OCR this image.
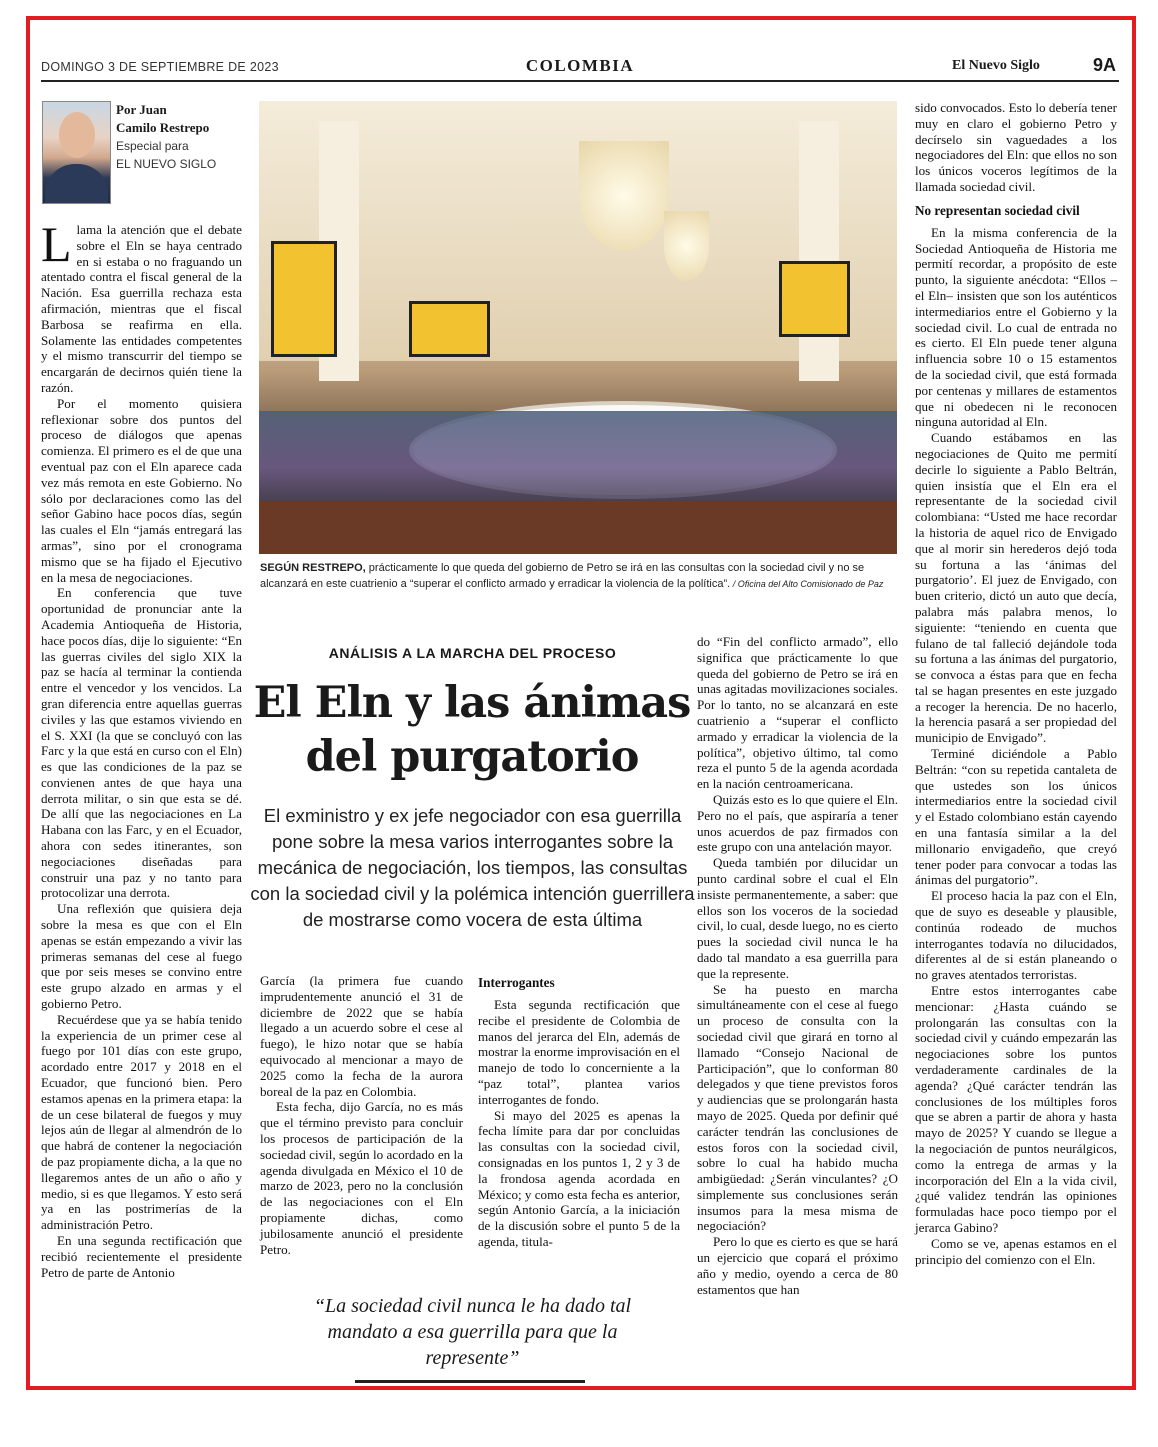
DOMINGO 3 DE SEPTIEMBRE DE 2023	COLOMBIA	El Nuevo Siglo	9A
Por Juan
Camilo Restrepo
Especial para
EL NUEVO SIGLO

Llama la atención que el debate sobre el Eln se haya centrado en si estaba o no fraguando un atentado contra el fiscal general de la Nación. Esa guerrilla rechaza esta afirmación, mientras que el fiscal Barbosa se reafirma en ella. Solamente las entidades competentes y el mismo transcurrir del tiempo se encargarán de decirnos quién tiene la razón.

Por el momento quisiera reflexionar sobre dos puntos del proceso de diálogos que apenas comienza. El primero es el de que una eventual paz con el Eln aparece cada vez más remota en este Gobierno. No sólo por declaraciones como las del señor Gabino hace pocos días, según las cuales el Eln “jamás entregará las armas”, sino por el cronograma mismo que se ha fijado el Ejecutivo en la mesa de negociaciones.

En conferencia que tuve oportunidad de pronunciar ante la Academia Antioqueña de Historia, hace pocos días, dije lo siguiente: “En las guerras civiles del siglo XIX la paz se hacía al terminar la contienda entre el vencedor y los vencidos. La gran diferencia entre aquellas guerras civiles y las que estamos viviendo en el S. XXI (la que se concluyó con las Farc y la que está en curso con el Eln) es que las condiciones de la paz se convienen antes de que haya una derrota militar, o sin que esta se dé. De allí que las negociaciones en La Habana con las Farc, y en el Ecuador, ahora con sedes itinerantes, son negociaciones diseñadas para construir una paz y no tanto para protocolizar una derrota.

Una reflexión que quisiera deja sobre la mesa es que con el Eln apenas se están empezando a vivir las primeras semanas del cese al fuego que por seis meses se convino entre este grupo alzado en armas y el gobierno Petro.

Recuérdese que ya se había tenido la experiencia de un primer cese al fuego por 101 días con este grupo, acordado entre 2017 y 2018 en el Ecuador, que funcionó bien. Pero estamos apenas en la primera etapa: la de un cese bilateral de fuegos y muy lejos aún de llegar al almendrón de lo que habrá de contener la negociación de paz propiamente dicha, a la que no llegaremos antes de un año o año y medio, si es que llegamos. Y esto será ya en las postrimerías de la administración Petro.

En una segunda rectificación que recibió recientemente el presidente Petro de parte de Antonio

SEGÚN RESTREPO, prácticamente lo que queda del gobierno de Petro se irá en las consultas con la sociedad civil y no se alcanzará en este cuatrienio a “superar el conflicto armado y erradicar la violencia de la política”. / Oficina del Alto Comisionado de Paz
ANÁLISIS A LA MARCHA DEL PROCESO
El Eln y las ánimas del purgatorio
El exministro y ex jefe negociador con esa guerrilla pone sobre la mesa varios interrogantes sobre la mecánica de negociación, los tiempos, las consultas con la sociedad civil y la polémica intención guerrillera de mostrarse como vocera de esta última

García (la primera fue cuando imprudentemente anunció el 31 de diciembre de 2022 que se había llegado a un acuerdo sobre el cese al fuego), le hizo notar que se había equivocado al mencionar a mayo de 2025 como la fecha de la aurora boreal de la paz en Colombia.

Esta fecha, dijo García, no es más que el término previsto para concluir los procesos de participación de la sociedad civil, según lo acordado en la agenda divulgada en México el 10 de marzo de 2023, pero no la conclusión de las negociaciones con el Eln propiamente dichas, como jubilosamente anunció el presidente Petro.

Interrogantes

Esta segunda rectificación que recibe el presidente de Colombia de manos del jerarca del Eln, además de mostrar la enorme improvisación en el manejo de todo lo concerniente a la “paz total”, plantea varios interrogantes de fondo.

Si mayo del 2025 es apenas la fecha límite para dar por concluidas las consultas con la sociedad civil, consignadas en los puntos 1, 2 y 3 de la frondosa agenda acordada en México; y como esta fecha es anterior, según Antonio García, a la iniciación de la discusión sobre el punto 5 de la agenda, titula-

do “Fin del conflicto armado”, ello significa que prácticamente lo que queda del gobierno de Petro se irá en unas agitadas movilizaciones sociales. Por lo tanto, no se alcanzará en este cuatrienio a “superar el conflicto armado y erradicar la violencia de la política”, objetivo último, tal como reza el punto 5 de la agenda acordada en la nación centroamericana.

Quizás esto es lo que quiere el Eln. Pero no el país, que aspiraría a tener unos acuerdos de paz firmados con este grupo con una antelación mayor.

Queda también por dilucidar un punto cardinal sobre el cual el Eln insiste permanentemente, a saber: que ellos son los voceros de la sociedad civil, lo cual, desde luego, no es cierto pues la sociedad civil nunca le ha dado tal mandato a esa guerrilla para que la represente.

Se ha puesto en marcha simultáneamente con el cese al fuego un proceso de consulta con la sociedad civil que girará en torno al llamado “Consejo Nacional de Participación”, que lo conforman 80 delegados y que tiene previstos foros y audiencias que se prolongarán hasta mayo de 2025. Queda por definir qué carácter tendrán las conclusiones de estos foros con la sociedad civil, sobre lo cual ha habido mucha ambigüedad: ¿Serán vinculantes? ¿O simplemente sus conclusiones serán insumos para la mesa misma de negociación?

Pero lo que es cierto es que se hará un ejercicio que copará el próximo año y medio, oyendo a cerca de 80 estamentos que han

sido convocados. Esto lo debería tener muy en claro el gobierno Petro y decírselo sin vaguedades a los negociadores del Eln: que ellos no son los únicos voceros legítimos de la llamada sociedad civil.

No representan sociedad civil

En la misma conferencia de la Sociedad Antioqueña de Historia me permití recordar, a propósito de este punto, la siguiente anécdota: “Ellos –el Eln– insisten que son los auténticos intermediarios entre el Gobierno y la sociedad civil. Lo cual de entrada no es cierto. El Eln puede tener alguna influencia sobre 10 o 15 estamentos de la sociedad civil, que está formada por centenas y millares de estamentos que ni obedecen ni le reconocen ninguna autoridad al Eln.

Cuando estábamos en las negociaciones de Quito me permití decirle lo siguiente a Pablo Beltrán, quien insistía que el Eln era el representante de la sociedad civil colombiana: “Usted me hace recordar la historia de aquel rico de Envigado que al morir sin herederos dejó toda su fortuna a las ‘ánimas del purgatorio’. El juez de Envigado, con buen criterio, dictó un auto que decía, palabra más palabra menos, lo siguiente: “teniendo en cuenta que fulano de tal falleció dejándole toda su fortuna a las ánimas del purgatorio, se convoca a éstas para que en fecha tal se hagan presentes en este juzgado a recoger la herencia. De no hacerlo, la herencia pasará a ser propiedad del municipio de Envigado”.

Terminé diciéndole a Pablo Beltrán: “con su repetida cantaleta de que ustedes son los únicos intermediarios entre la sociedad civil y el Estado colombiano están cayendo en una fantasía similar a la del millonario envigadeño, que creyó tener poder para convocar a todas las ánimas del purgatorio”.

El proceso hacia la paz con el Eln, que de suyo es deseable y plausible, continúa rodeado de muchos interrogantes todavía no dilucidados, diferentes al de si están planeando o no graves atentados terroristas.

Entre estos interrogantes cabe mencionar: ¿Hasta cuándo se prolongarán las consultas con la sociedad civil y cuándo empezarán las negociaciones sobre los puntos verdaderamente cardinales de la agenda? ¿Qué carácter tendrán las conclusiones de los múltiples foros que se abren a partir de ahora y hasta mayo de 2025? Y cuando se llegue a la negociación de puntos neurálgicos, como la entrega de armas y la incorporación del Eln a la vida civil, ¿qué validez tendrán las opiniones formuladas hace poco tiempo por el jerarca Gabino?

Como se ve, apenas estamos en el principio del comienzo con el Eln.

“La sociedad civil nunca le ha dado tal mandato a esa guerrilla para que la represente”
